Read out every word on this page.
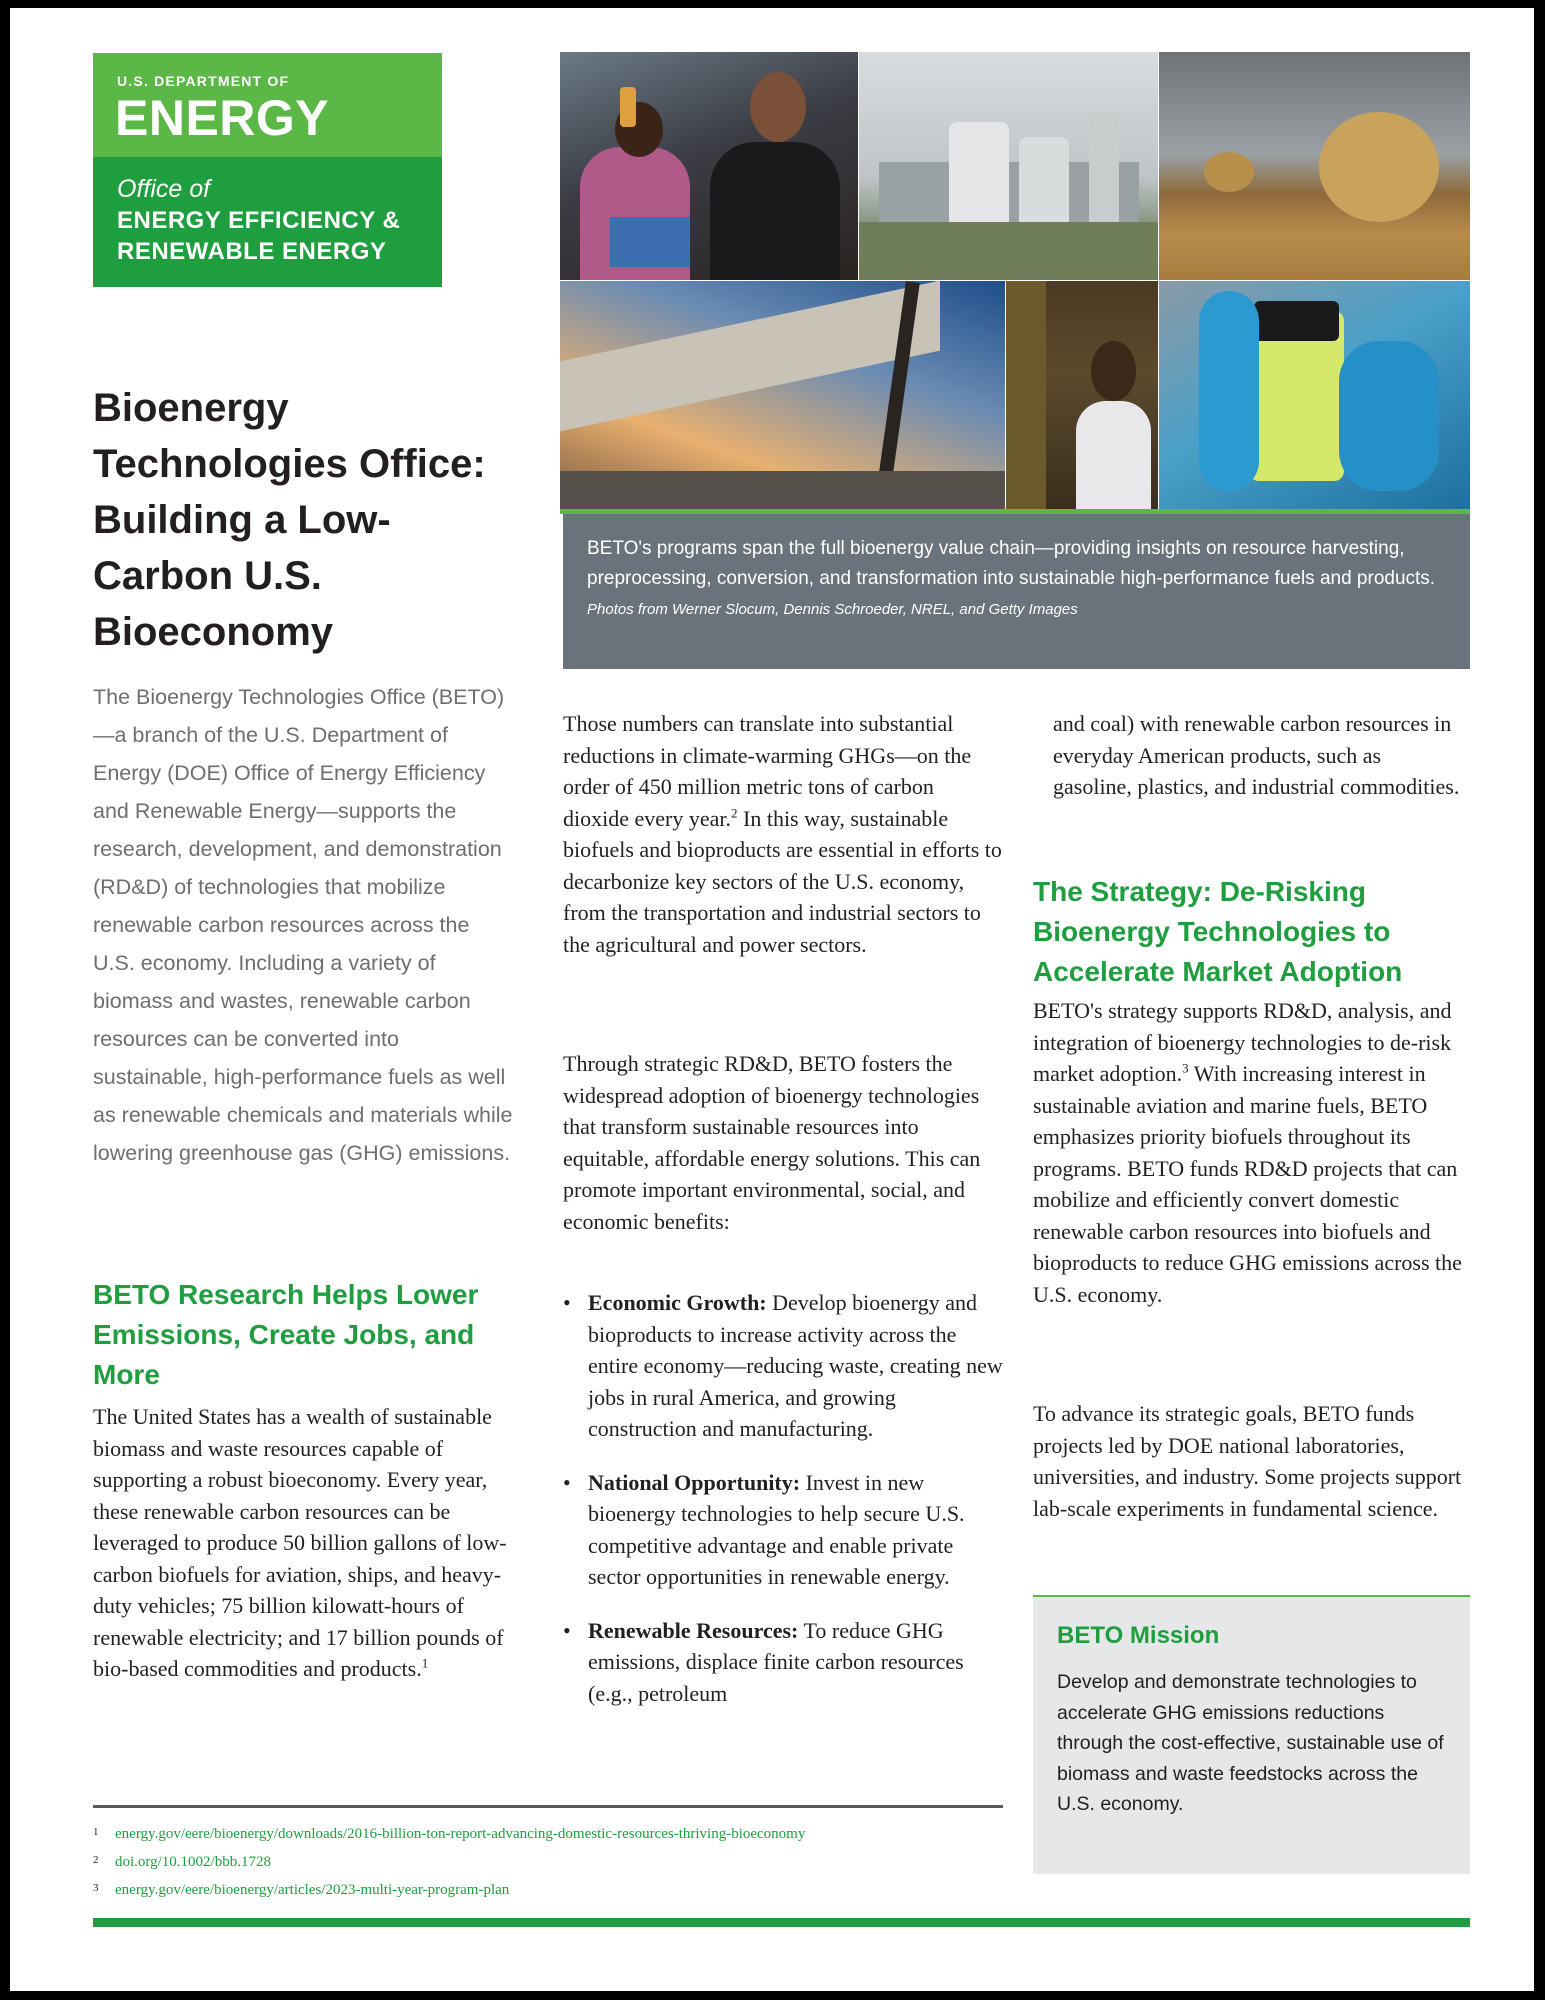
U.S. DEPARTMENT OF
ENERGY
Office of
ENERGY EFFICIENCY &
RENEWABLE ENERGY
BETO's programs span the full bioenergy value chain—providing insights on resource harvesting, preprocessing, conversion, and transformation into sustainable high-performance fuels and products. Photos from Werner Slocum, Dennis Schroeder, NREL, and Getty Images
Bioenergy Technologies Office: Building a Low-Carbon U.S. Bioeconomy
The Bioenergy Technologies Office (BETO)—a branch of the U.S. Department of Energy (DOE) Office of Energy Efficiency and Renewable Energy—supports the research, development, and demonstration (RD&D) of technologies that mobilize renewable carbon resources across the U.S. economy. Including a variety of biomass and wastes, renewable carbon resources can be converted into sustainable, high-performance fuels as well as renewable chemicals and materials while lowering greenhouse gas (GHG) emissions.
BETO Research Helps Lower Emissions, Create Jobs, and More

The United States has a wealth of sustainable biomass and waste resources capable of supporting a robust bioeconomy. Every year, these renewable carbon resources can be leveraged to produce 50 billion gallons of low-carbon biofuels for aviation, ships, and heavy-duty vehicles; 75 billion kilowatt-hours of renewable electricity; and 17 billion pounds of bio-based commodities and products.$^1$

Those numbers can translate into substantial reductions in climate-warming GHGs—on the order of 450 million metric tons of carbon dioxide every year.$^2$ In this way, sustainable biofuels and bioproducts are essential in efforts to decarbonize key sectors of the U.S. economy, from the transportation and industrial sectors to the agricultural and power sectors.

Through strategic RD&D, BETO fosters the widespread adoption of bioenergy technologies that transform sustainable resources into equitable, affordable energy solutions. This can promote important environmental, social, and economic benefits:
• Economic Growth: Develop bioenergy and bioproducts to increase activity across the entire economy—reducing waste, creating new jobs in rural America, and growing construction and manufacturing.
• National Opportunity: Invest in new bioenergy technologies to help secure U.S. competitive advantage and enable private sector opportunities in renewable energy.
• Renewable Resources: To reduce GHG emissions, displace finite carbon resources (e.g., petroleum
and coal) with renewable carbon resources in everyday American products, such as gasoline, plastics, and industrial commodities.
The Strategy: De-Risking Bioenergy Technologies to Accelerate Market Adoption

BETO's strategy supports RD&D, analysis, and integration of bioenergy technologies to de-risk market adoption.$^3$ With increasing interest in sustainable aviation and marine fuels, BETO emphasizes priority biofuels throughout its programs. BETO funds RD&D projects that can mobilize and efficiently convert domestic renewable carbon resources into biofuels and bioproducts to reduce GHG emissions across the U.S. economy.

To advance its strategic goals, BETO funds projects led by DOE national laboratories, universities, and industry. Some projects support lab-scale experiments in fundamental science.
BETO Mission
Develop and demonstrate technologies to accelerate GHG emissions reductions through the cost-effective, sustainable use of biomass and waste feedstocks across the U.S. economy.
1 energy.gov/eere/bioenergy/downloads/2016-billion-ton-report-advancing-domestic-resources-thriving-bioeconomy
2 doi.org/10.1002/bbb.1728
3 energy.gov/eere/bioenergy/articles/2023-multi-year-program-plan
